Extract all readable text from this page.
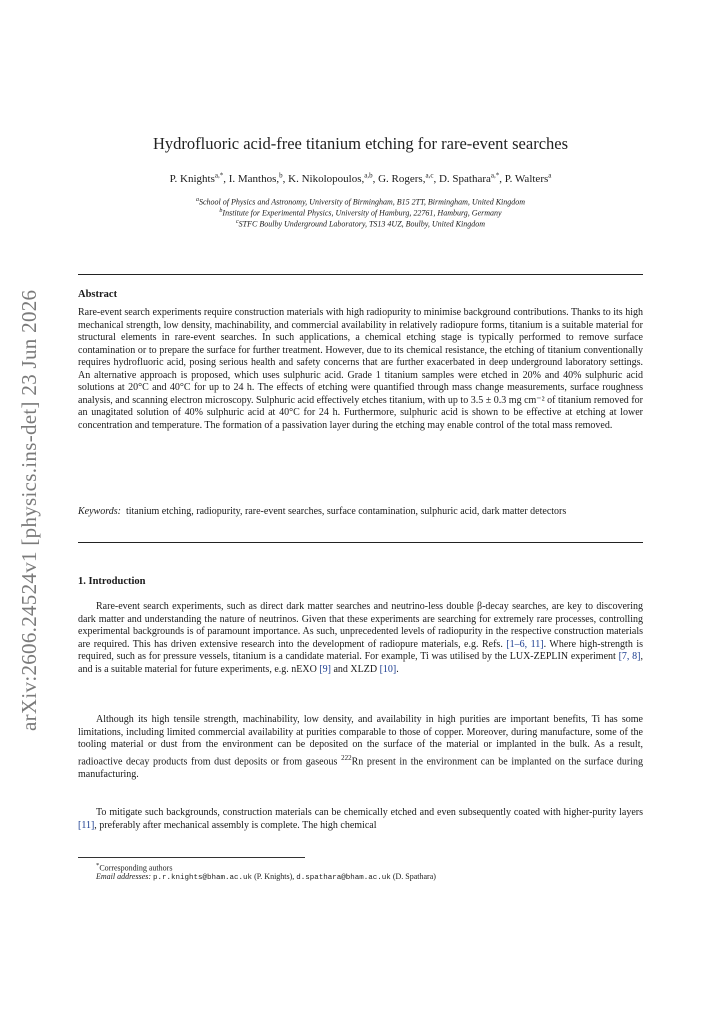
arXiv:2606.24524v1 [physics.ins-det] 23 Jun 2026
Hydrofluoric acid-free titanium etching for rare-event searches
P. Knights$^{a,*}$, I. Manthos,$^b$, K. Nikolopoulos,$^{a,b}$, G. Rogers,$^{a,c}$, D. Spathara$^{a,*}$, P. Walters$^a$
$^a$School of Physics and Astronomy, University of Birmingham, B15 2TT, Birmingham, United Kingdom
$^b$Institute for Experimental Physics, University of Hamburg, 22761, Hamburg, Germany
$^c$STFC Boulby Underground Laboratory, TS13 4UZ, Boulby, United Kingdom
Abstract

Rare-event search experiments require construction materials with high radiopurity to minimise background contributions. Thanks to its high mechanical strength, low density, machinability, and commercial availability in relatively radiopure forms, titanium is a suitable material for structural elements in rare-event searches. In such applications, a chemical etching stage is typically performed to remove surface contamination or to prepare the surface for further treatment. However, due to its chemical resistance, the etching of titanium conventionally requires hydrofluoric acid, posing serious health and safety concerns that are further exacerbated in deep underground laboratory settings. An alternative approach is proposed, which uses sulphuric acid. Grade 1 titanium samples were etched in 20% and 40% sulphuric acid solutions at 20°C and 40°C for up to 24 h. The effects of etching were quantified through mass change measurements, surface roughness analysis, and scanning electron microscopy. Sulphuric acid effectively etches titanium, with up to 3.5 ± 0.3 mg cm⁻² of titanium removed for an unagitated solution of 40% sulphuric acid at 40°C for 24 h. Furthermore, sulphuric acid is shown to be effective at etching at lower concentration and temperature. The formation of a passivation layer during the etching may enable control of the total mass removed.

Keywords: titanium etching, radiopurity, rare-event searches, surface contamination, sulphuric acid, dark matter detectors
1. Introduction

Rare-event search experiments, such as direct dark matter searches and neutrino-less double β-decay searches, are key to discovering dark matter and understanding the nature of neutrinos. Given that these experiments are searching for extremely rare processes, controlling experimental backgrounds is of paramount importance. As such, unprecedented levels of radiopurity in the respective construction materials are required. This has driven extensive research into the development of radiopure materials, e.g. Refs. [1–6, 11]. Where high-strength is required, such as for pressure vessels, titanium is a candidate material. For example, Ti was utilised by the LUX-ZEPLIN experiment [7, 8], and is a suitable material for future experiments, e.g. nEXO [9] and XLZD [10].

Although its high tensile strength, machinability, low density, and availability in high purities are important benefits, Ti has some limitations, including limited commercial availability at purities comparable to those of copper. Moreover, during manufacture, some of the tooling material or dust from the environment can be deposited on the surface of the material or implanted in the bulk. As a result, radioactive decay products from dust deposits or from gaseous $^{222}$Rn present in the environment can be implanted on the surface during manufacturing.

To mitigate such backgrounds, construction materials can be chemically etched and even subsequently coated with higher-purity layers [11], preferably after mechanical assembly is complete. The high chemical

*Corresponding authors
Email addresses: p.r.knights@bham.ac.uk (P. Knights), d.spathara@bham.ac.uk (D. Spathara)
